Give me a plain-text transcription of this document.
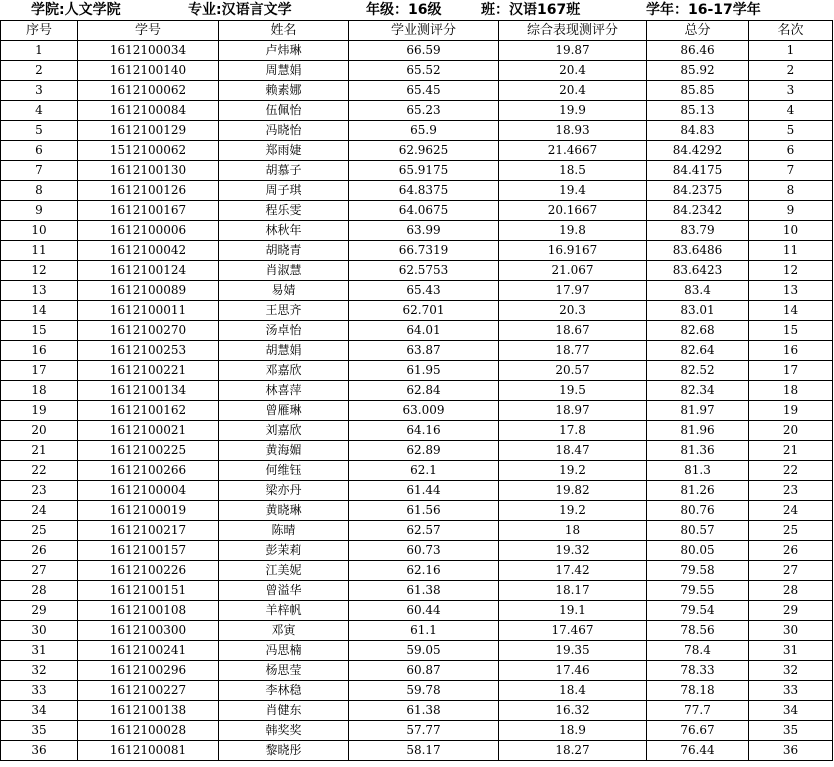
学院:人文学院	专业:汉语言文学	年级：16级	班：汉语167班	学年：16-17学年
序号	学号	姓名	学业测评分	综合表现测评分	总分	名次
1	1612100034	卢炜琳	66.59	19.87	86.46	1
2	1612100140	周慧娟	65.52	20.4	85.92	2
3	1612100062	赖素娜	65.45	20.4	85.85	3
4	1612100084	伍佩怡	65.23	19.9	85.13	4
5	1612100129	冯晓怡	65.9	18.93	84.83	5
6	1512100062	郑雨婕	62.9625	21.4667	84.4292	6
7	1612100130	胡慕子	65.9175	18.5	84.4175	7
8	1612100126	周子琪	64.8375	19.4	84.2375	8
9	1612100167	程乐雯	64.0675	20.1667	84.2342	9
10	1612100006	林秋年	63.99	19.8	83.79	10
11	1612100042	胡晓青	66.7319	16.9167	83.6486	11
12	1612100124	肖淑慧	62.5753	21.067	83.6423	12
13	1612100089	易婧	65.43	17.97	83.4	13
14	1612100011	王思齐	62.701	20.3	83.01	14
15	1612100270	汤卓怡	64.01	18.67	82.68	15
16	1612100253	胡慧娟	63.87	18.77	82.64	16
17	1612100221	邓嘉欣	61.95	20.57	82.52	17
18	1612100134	林喜萍	62.84	19.5	82.34	18
19	1612100162	曾雁琳	63.009	18.97	81.97	19
20	1612100021	刘嘉欣	64.16	17.8	81.96	20
21	1612100225	黄海媚	62.89	18.47	81.36	21
22	1612100266	何维钰	62.1	19.2	81.3	22
23	1612100004	梁亦丹	61.44	19.82	81.26	23
24	1612100019	黄晓琳	61.56	19.2	80.76	24
25	1612100217	陈晴	62.57	18	80.57	25
26	1612100157	彭茉莉	60.73	19.32	80.05	26
27	1612100226	江美妮	62.16	17.42	79.58	27
28	1612100151	曾溢华	61.38	18.17	79.55	28
29	1612100108	羊梓帆	60.44	19.1	79.54	29
30	1612100300	邓寅	61.1	17.467	78.56	30
31	1612100241	冯思楠	59.05	19.35	78.4	31
32	1612100296	杨思莹	60.87	17.46	78.33	32
33	1612100227	李林稳	59.78	18.4	78.18	33
34	1612100138	肖健东	61.38	16.32	77.7	34
35	1612100028	韩奖奖	57.77	18.9	76.67	35
36	1612100081	黎晓彤	58.17	18.27	76.44	36
